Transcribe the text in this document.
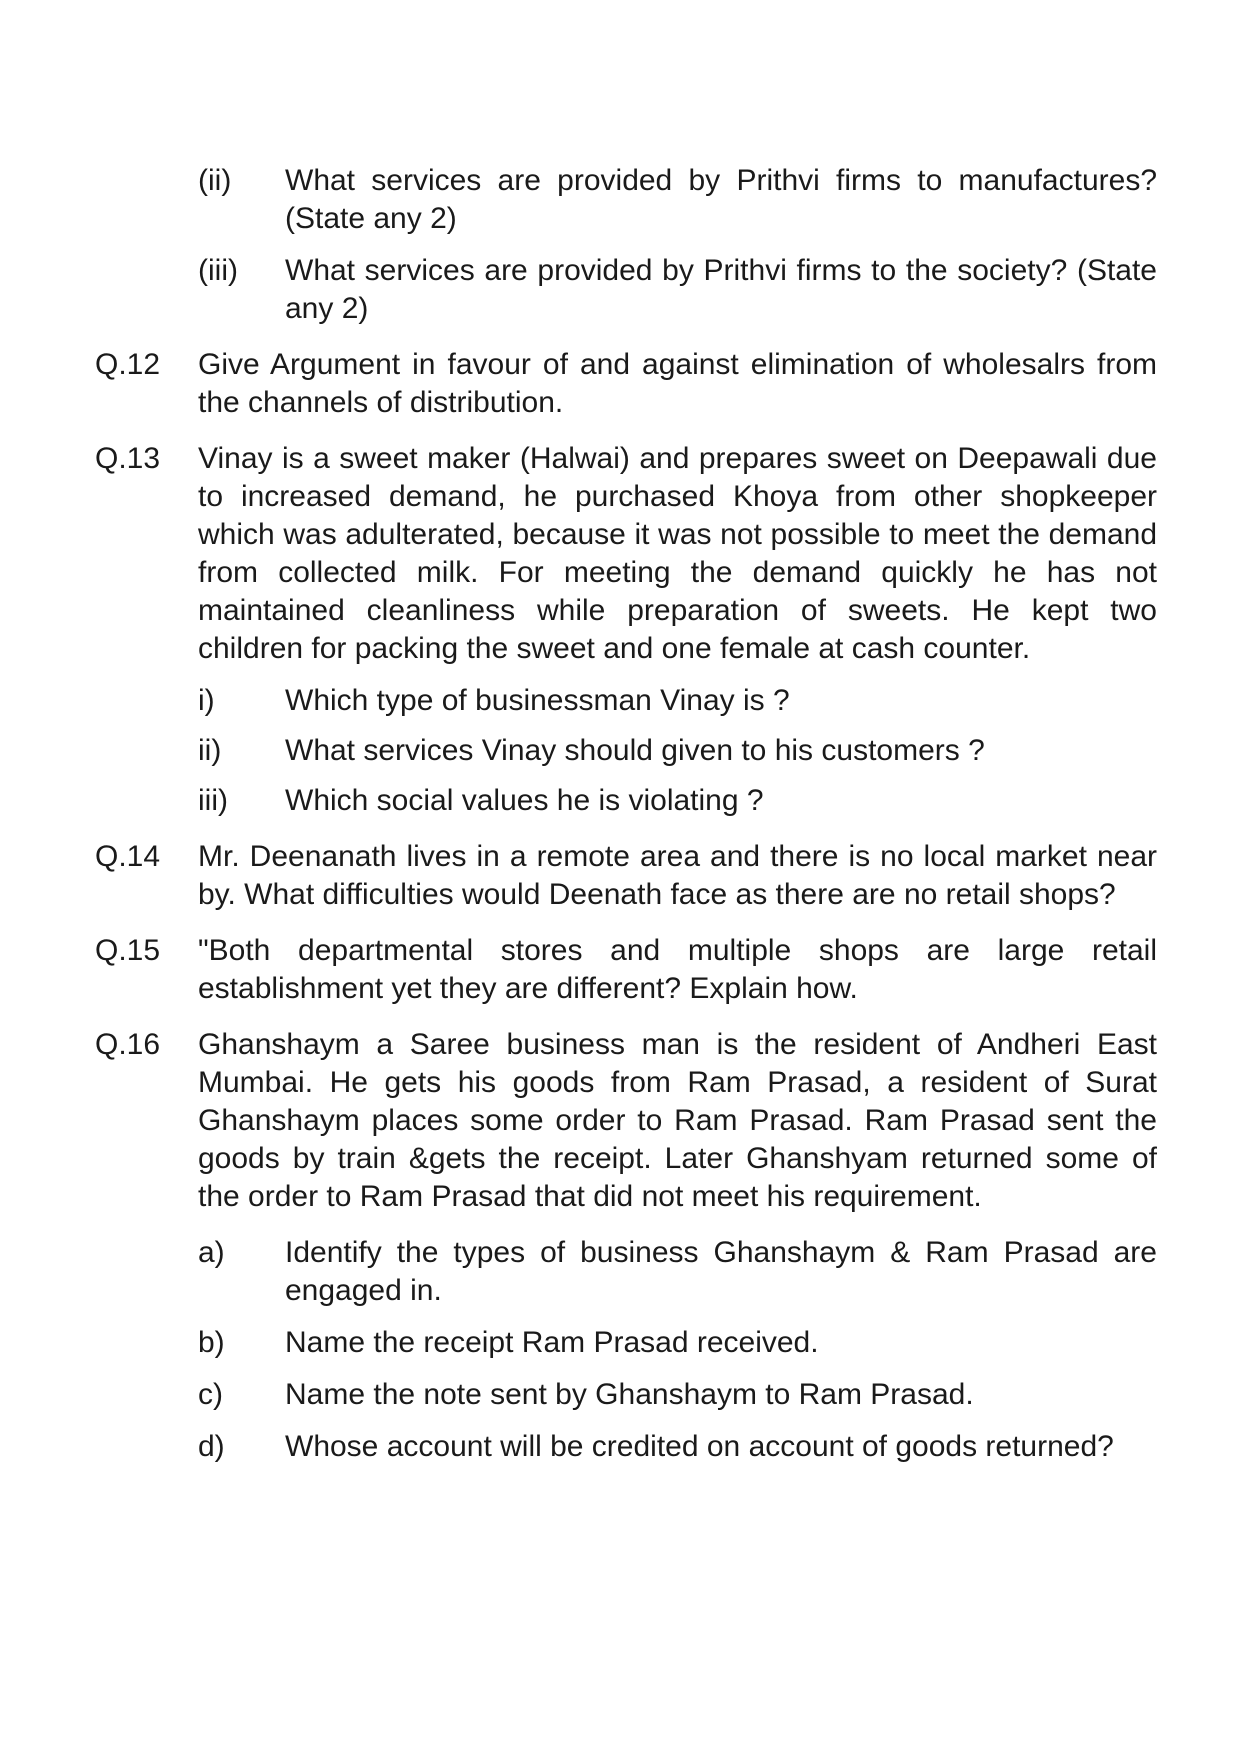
(ii)	What services are provided by Prithvi firms to manufactures? (State any 2)
(iii)	What services are provided by Prithvi firms to the society? (State any 2)
Q.12	Give Argument in favour of and against elimination of wholesalrs from the channels of distribution.
Q.13	Vinay is a sweet maker (Halwai) and prepares sweet on Deepawali due to increased demand, he purchased Khoya from other shopkeeper which was adulterated, because it was not possible to meet the demand from collected milk. For meeting the demand quickly he has not maintained cleanliness while preparation of sweets. He kept two children for packing the sweet and one female at cash counter.
i)	Which type of businessman Vinay is ?
ii)	What services Vinay should given to his customers ?
iii)	Which social values he is violating ?
Q.14	Mr. Deenanath lives in a remote area and there is no local market near by. What difficulties would Deenath face as there are no retail shops?
Q.15	"Both departmental stores and multiple shops are large retail establishment yet they are different? Explain how.
Q.16	Ghanshaym a Saree business man is the resident of Andheri East Mumbai. He gets his goods from Ram Prasad, a resident of Surat Ghanshaym places some order to Ram Prasad. Ram Prasad sent the goods by train &gets the receipt. Later Ghanshyam returned some of the order to Ram Prasad that did not meet his requirement.
a)	Identify the types of business Ghanshaym & Ram Prasad are engaged in.
b)	Name the receipt Ram Prasad received.
c)	Name the note sent by Ghanshaym to Ram Prasad.
d)	Whose account will be credited on account of goods returned?
